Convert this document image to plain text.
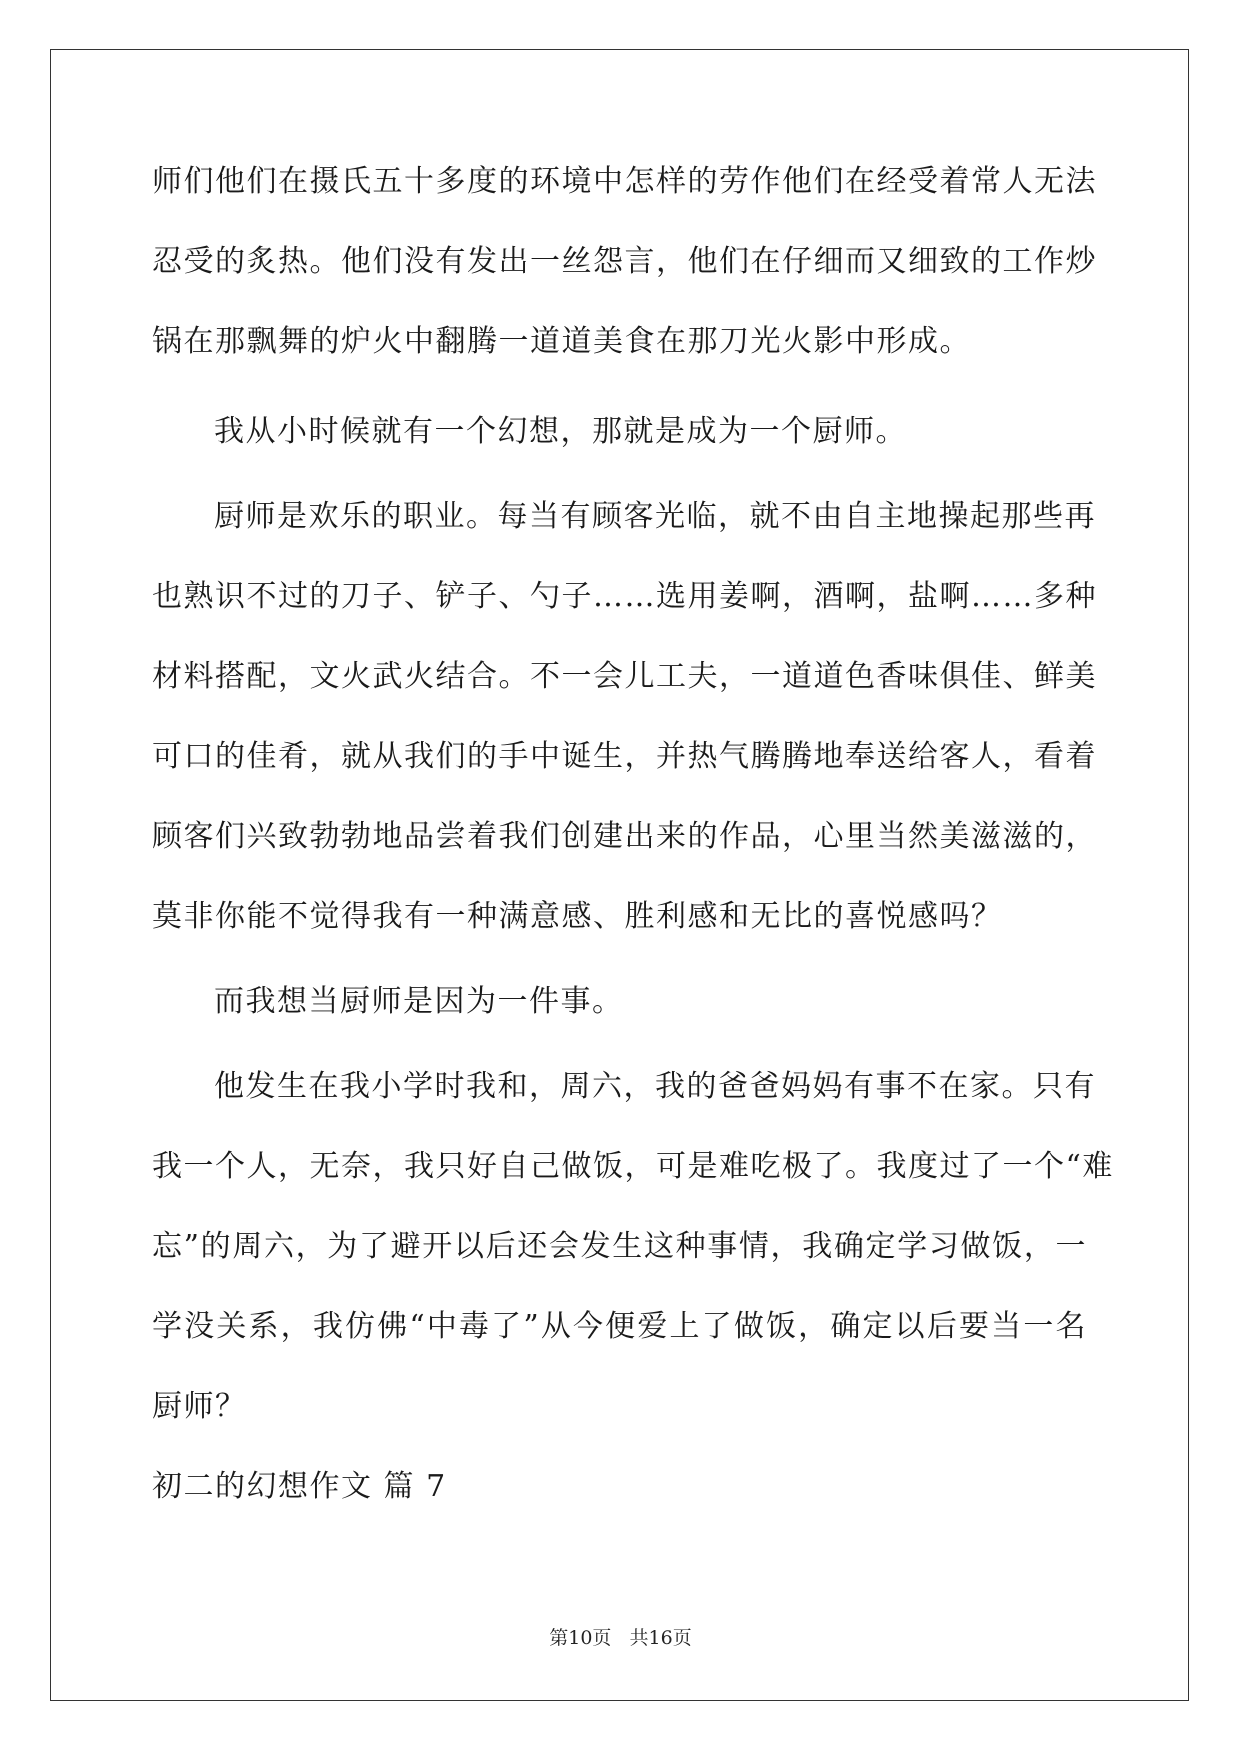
师们他们在摄氏五十多度的环境中怎样的劳作他们在经受着常人无法
忍受的炙热。他们没有发出一丝怨言，他们在仔细而又细致的工作炒
锅在那飘舞的炉火中翻腾一道道美食在那刀光火影中形成。
我从小时候就有一个幻想，那就是成为一个厨师。
厨师是欢乐的职业。每当有顾客光临，就不由自主地操起那些再
也熟识不过的刀子、铲子、勺子……选用姜啊，酒啊，盐啊……多种
材料搭配，文火武火结合。不一会儿工夫，一道道色香味俱佳、鲜美
可口的佳肴，就从我们的手中诞生，并热气腾腾地奉送给客人，看着
顾客们兴致勃勃地品尝着我们创建出来的作品，心里当然美滋滋的，
莫非你能不觉得我有一种满意感、胜利感和无比的喜悦感吗？
而我想当厨师是因为一件事。
他发生在我小学时我和，周六，我的爸爸妈妈有事不在家。只有
我一个人，无奈，我只好自己做饭，可是难吃极了。我度过了一个“难
忘”的周六，为了避开以后还会发生这种事情，我确定学习做饭，一
学没关系，我仿佛“中毒了”从今便爱上了做饭，确定以后要当一名
厨师？
初二的幻想作文 篇 7
第10页   共16页
